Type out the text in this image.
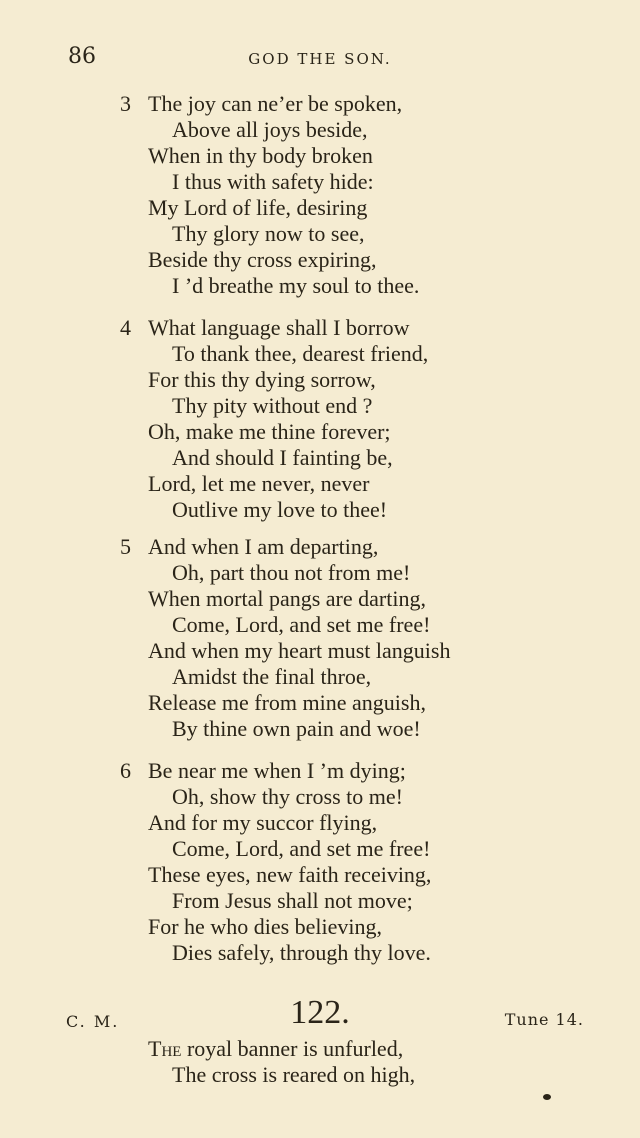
86	GOD THE SON.
3 The joy can ne’er be spoken,
Above all joys beside,
When in thy body broken
I thus with safety hide:
My Lord of life, desiring
Thy glory now to see,
Beside thy cross expiring,
I ’d breathe my soul to thee.
4 What language shall I borrow
To thank thee, dearest friend,
For this thy dying sorrow,
Thy pity without end ?
Oh, make me thine forever;
And should I fainting be,
Lord, let me never, never
Outlive my love to thee!
5 And when I am departing,
Oh, part thou not from me!
When mortal pangs are darting,
Come, Lord, and set me free!
And when my heart must languish
Amidst the final throe,
Release me from mine anguish,
By thine own pain and woe!
6 Be near me when I ’m dying;
Oh, show thy cross to me!
And for my succor flying,
Come, Lord, and set me free!
These eyes, new faith receiving,
From Jesus shall not move;
For he who dies believing,
Dies safely, through thy love.
C. M.	122.	Tune 14.
The royal banner is unfurled,
The cross is reared on high,
